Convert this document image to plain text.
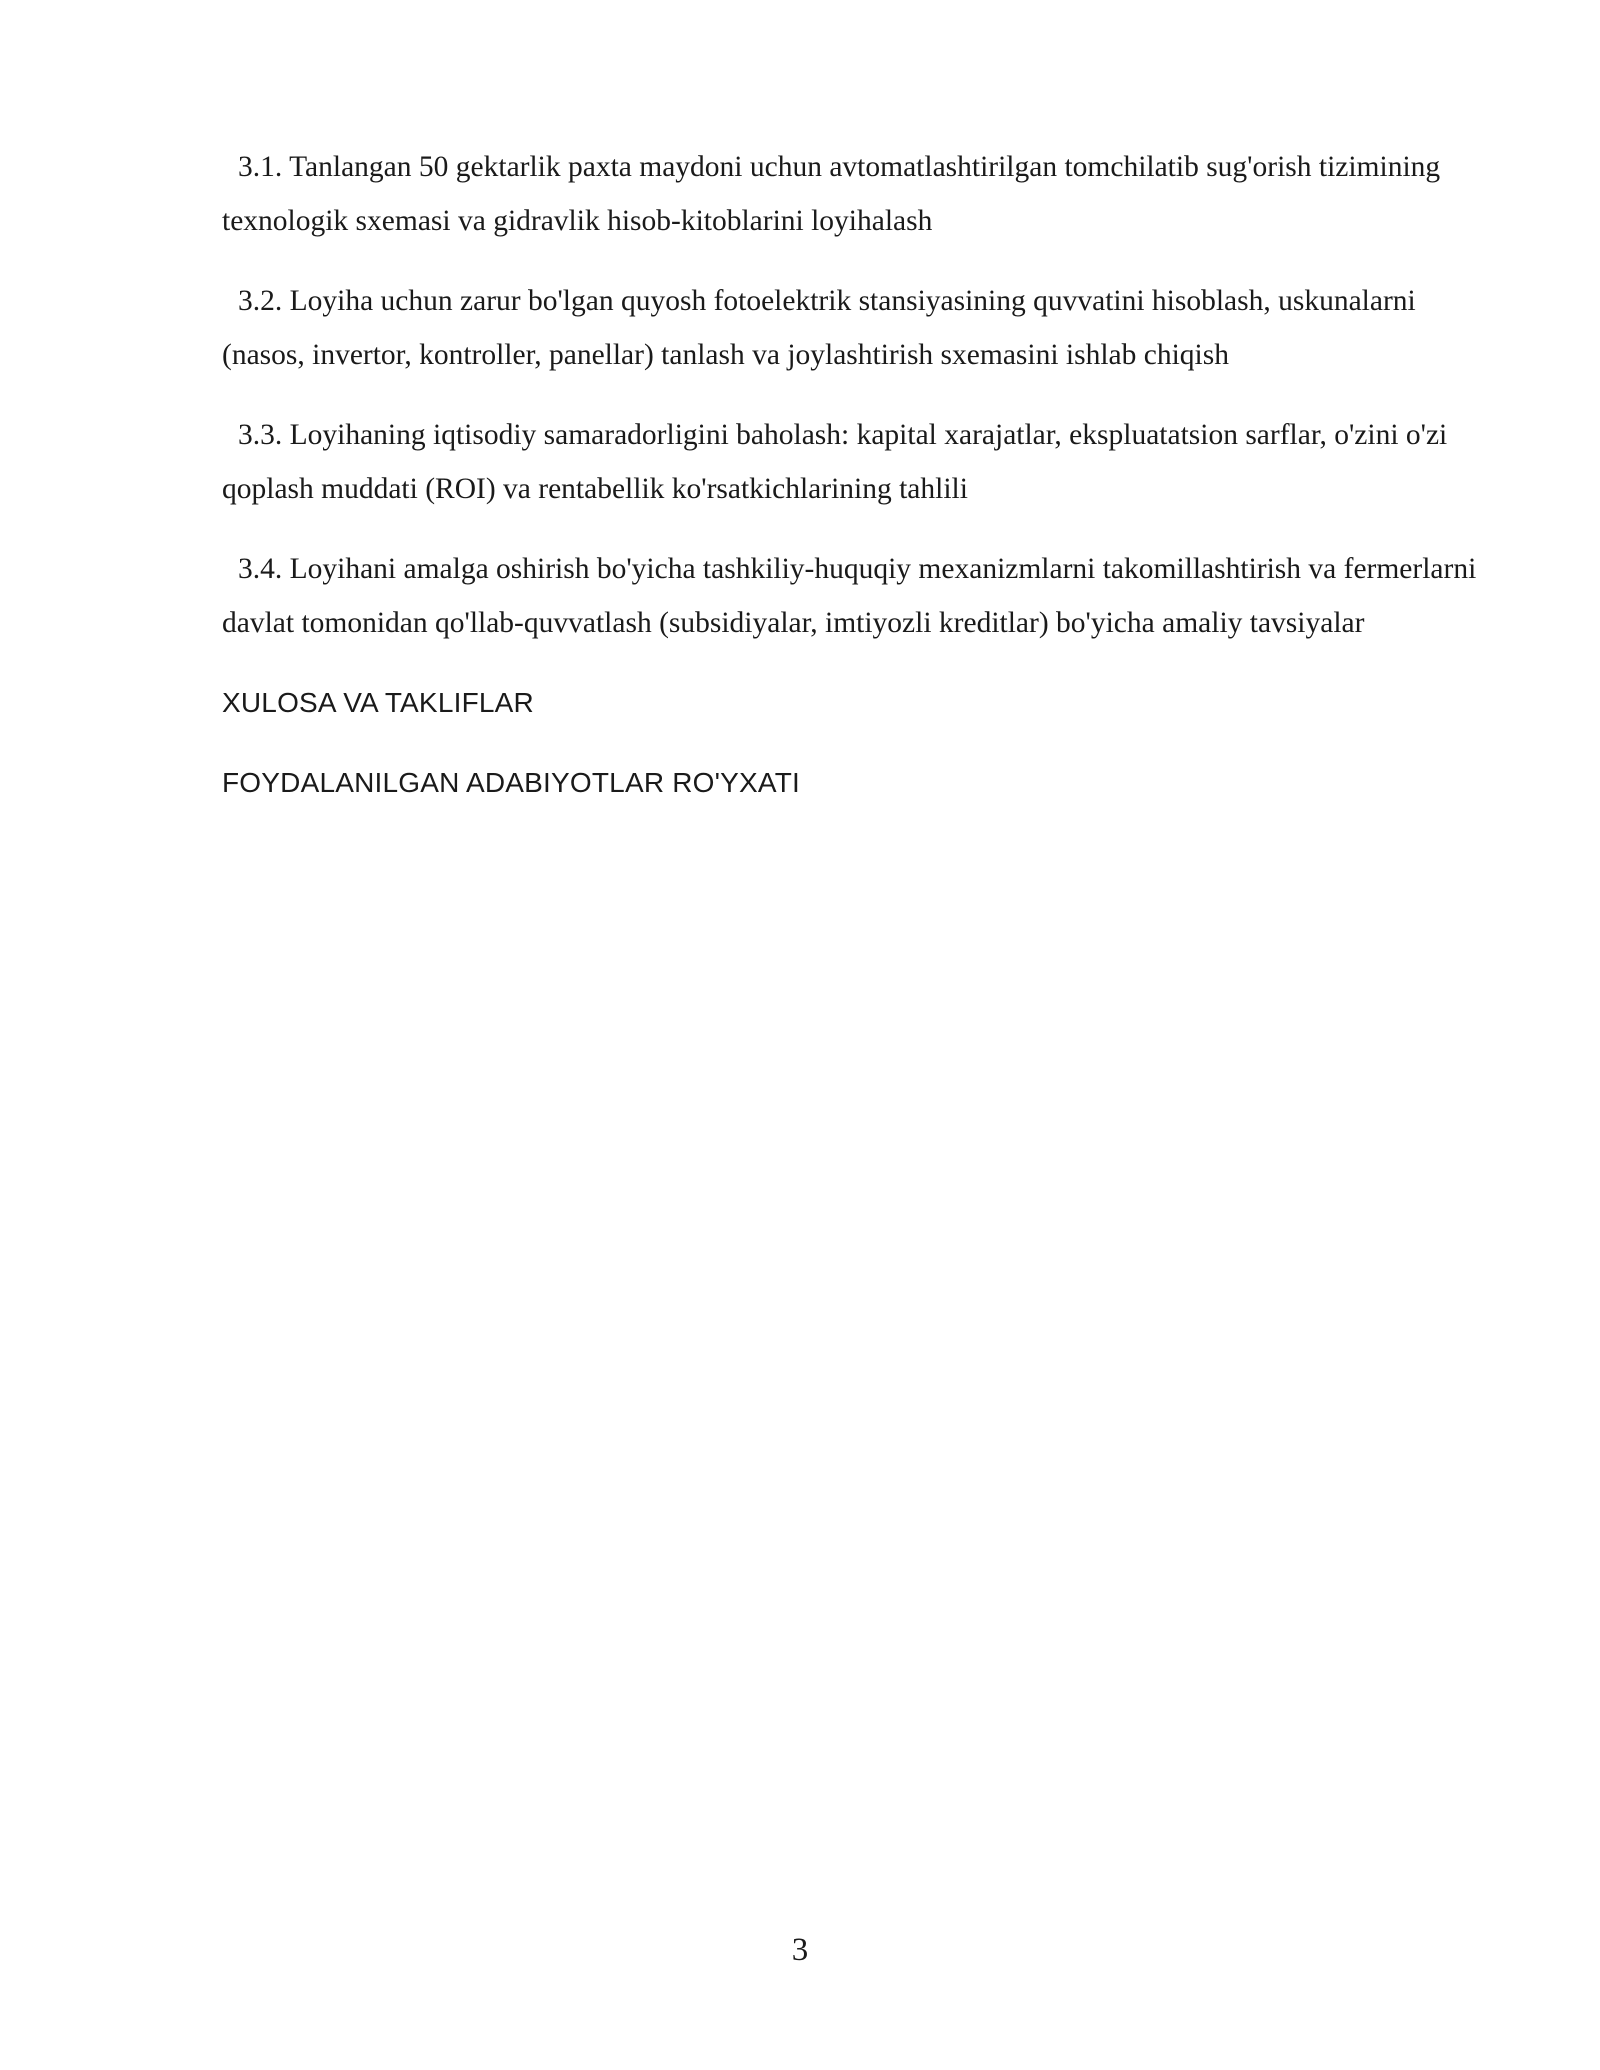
3.1. Tanlangan 50 gektarlik paxta maydoni uchun avtomatlashtirilgan tomchilatib sug'orish tizimining texnologik sxemasi va gidravlik hisob-kitoblarini loyihalash

3.2. Loyiha uchun zarur bo'lgan quyosh fotoelektrik stansiyasining quvvatini hisoblash, uskunalarni (nasos, invertor, kontroller, panellar) tanlash va joylashtirish sxemasini ishlab chiqish

3.3. Loyihaning iqtisodiy samaradorligini baholash: kapital xarajatlar, ekspluatatsion sarflar, o'zini o'zi qoplash muddati (ROI) va rentabellik ko'rsatkichlarining tahlili

3.4. Loyihani amalga oshirish bo'yicha tashkiliy-huquqiy mexanizmlarni takomillashtirish va fermerlarni davlat tomonidan qo'llab-quvvatlash (subsidiyalar, imtiyozli kreditlar) bo'yicha amaliy tavsiyalar

XULOSA VA TAKLIFLAR

FOYDALANILGAN ADABIYOTLAR RO'YXATI

3
